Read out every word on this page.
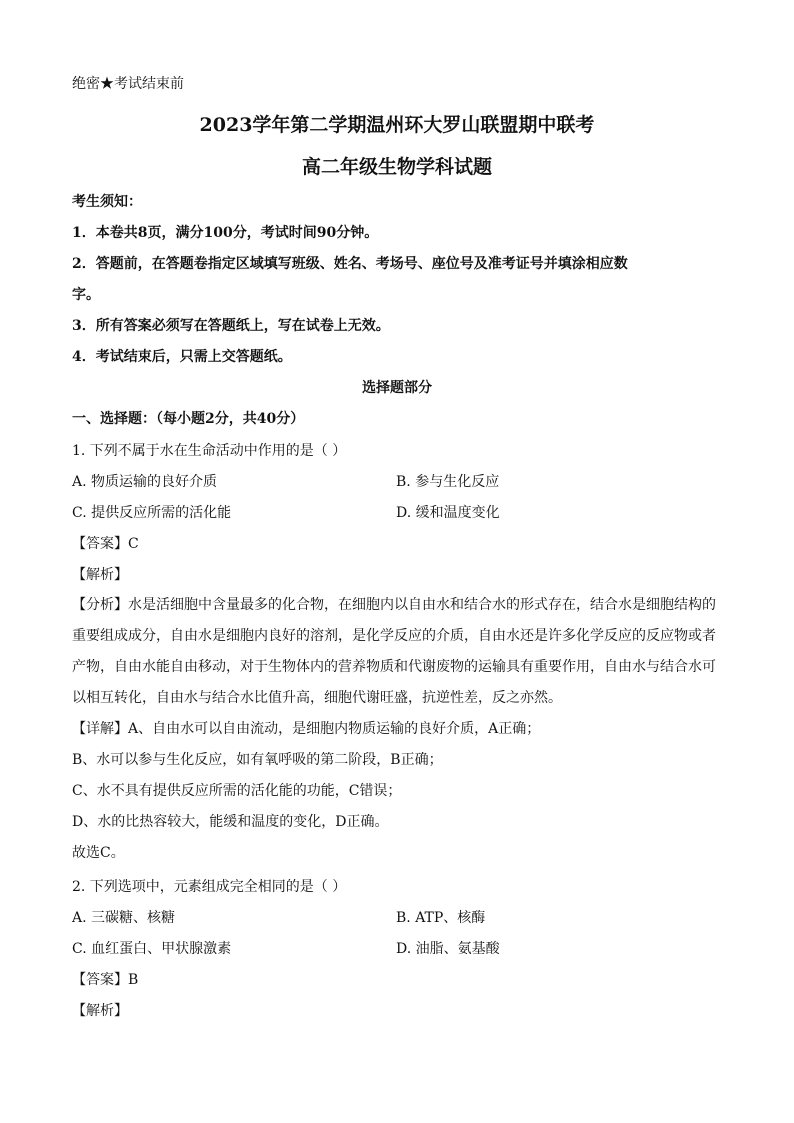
绝密★考试结束前
2023学年第二学期温州环大罗山联盟期中联考
高二年级生物学科试题
考生须知：
1．本卷共8页，满分100分，考试时间90分钟。
2．答题前，在答题卷指定区域填写班级、姓名、考场号、座位号及准考证号并填涂相应数
字。
3．所有答案必须写在答题纸上，写在试卷上无效。
4．考试结束后，只需上交答题纸。
选择题部分
一、选择题：（每小题2分，共40分）
1. 下列不属于水在生命活动中作用的是（ ）
A. 物质运输的良好介质	B. 参与生化反应
C. 提供反应所需的活化能	D. 缓和温度变化
【答案】C
【解析】
【分析】水是活细胞中含量最多的化合物，在细胞内以自由水和结合水的形式存在，结合水是细胞结构的
重要组成成分，自由水是细胞内良好的溶剂，是化学反应的介质，自由水还是许多化学反应的反应物或者
产物，自由水能自由移动，对于生物体内的营养物质和代谢废物的运输具有重要作用，自由水与结合水可
以相互转化，自由水与结合水比值升高，细胞代谢旺盛，抗逆性差，反之亦然。
【详解】A、自由水可以自由流动，是细胞内物质运输的良好介质，A正确；
B、水可以参与生化反应，如有氧呼吸的第二阶段，B正确；
C、水不具有提供反应所需的活化能的功能，C错误；
D、水的比热容较大，能缓和温度的变化，D正确。
故选C。
2. 下列选项中，元素组成完全相同的是（ ）
A. 三碳糖、核糖	B. ATP、核酶
C. 血红蛋白、甲状腺激素	D. 油脂、氨基酸
【答案】B
【解析】
